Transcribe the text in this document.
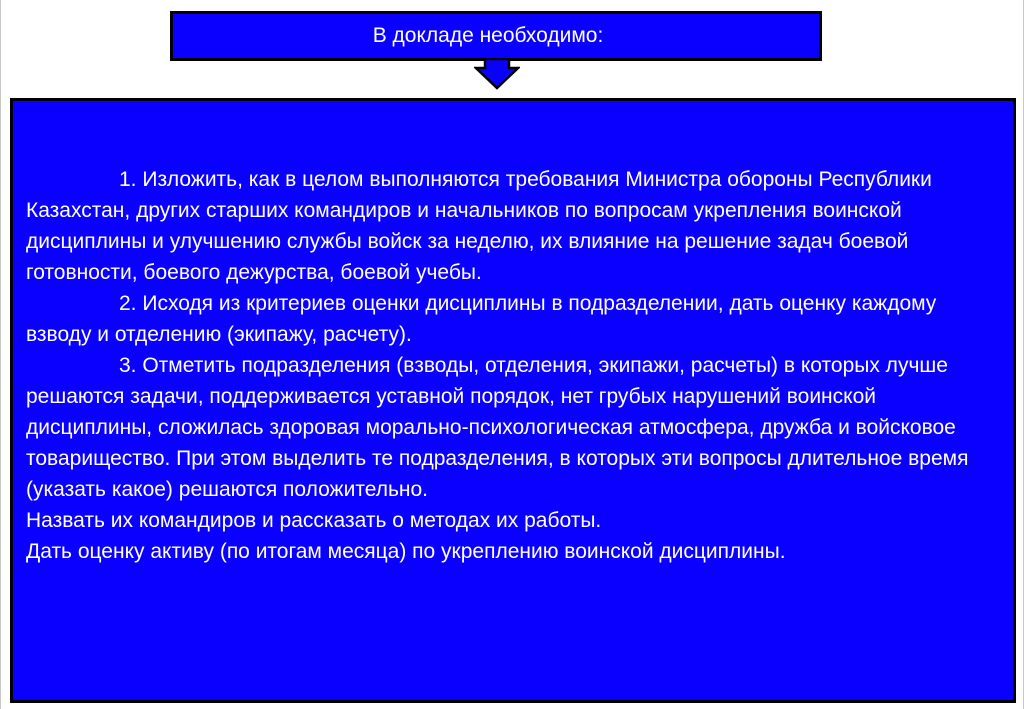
В докладе необходимо:

1. Изложить, как в целом выполняются требования Министра обороны Республики Казахстан, других старших командиров и начальников по вопросам укрепления воинской дисциплины и улучшению службы войск за неделю, их влияние на решение задач боевой готовности, боевого дежурства, боевой учебы.

2. Исходя из критериев оценки дисциплины в подразделении, дать оценку каждому взводу и отделению (экипажу, расчету).

3. Отметить подразделения (взводы, отделения, экипажи, расчеты) в которых лучше решаются задачи, поддерживается уставной порядок, нет грубых нарушений воинской дисциплины, сложилась здоровая морально-психологическая атмосфера, дружба и войсковое товарищество. При этом выделить те подразделения, в которых эти вопросы длительное время (указать какое) решаются положительно.

Назвать их командиров и рассказать о методах их работы.

Дать оценку активу (по итогам месяца) по укреплению воинской дисциплины.
